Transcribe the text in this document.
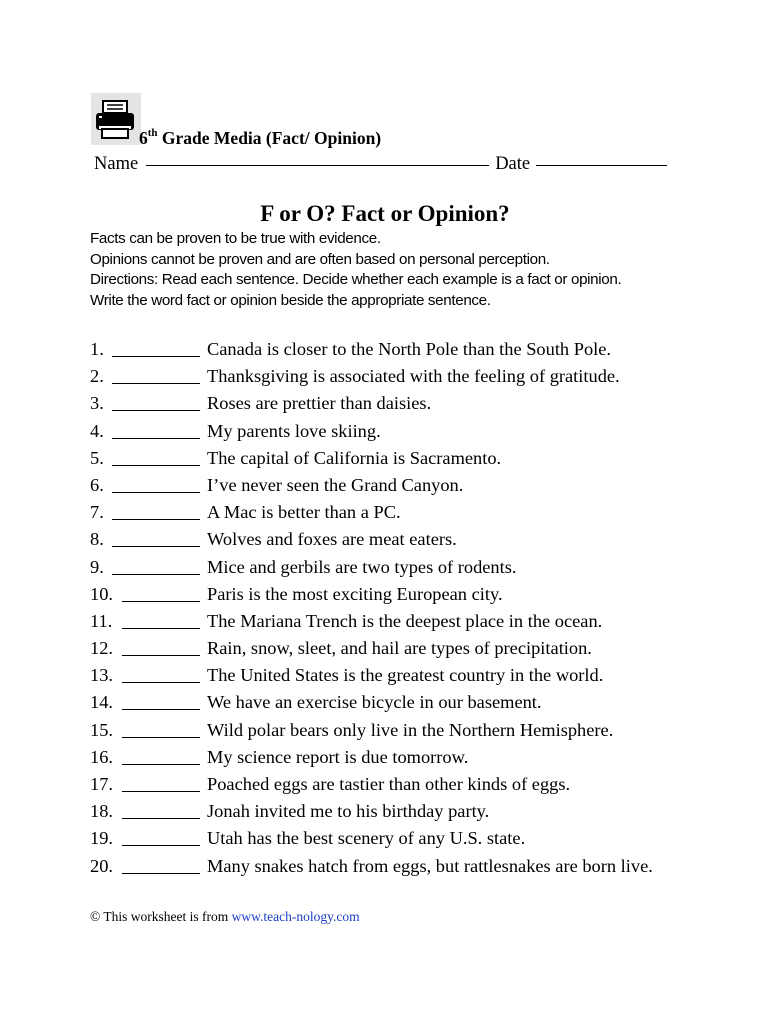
6th Grade Media (Fact/ Opinion)
Name	Date
F or O? Fact or Opinion?
Facts can be proven to be true with evidence.
Opinions cannot be proven and are often based on personal perception.
Directions: Read each sentence. Decide whether each example is a fact or opinion.
Write the word fact or opinion beside the appropriate sentence.
1.	Canada is closer to the North Pole than the South Pole.
2.	Thanksgiving is associated with the feeling of gratitude.
3.	Roses are prettier than daisies.
4.	My parents love skiing.
5.	The capital of California is Sacramento.
6.	I’ve never seen the Grand Canyon.
7.	A Mac is better than a PC.
8.	Wolves and foxes are meat eaters.
9.	Mice and gerbils are two types of rodents.
10.	Paris is the most exciting European city.
11.	The Mariana Trench is the deepest place in the ocean.
12.	Rain, snow, sleet, and hail are types of precipitation.
13.	The United States is the greatest country in the world.
14.	We have an exercise bicycle in our basement.
15.	Wild polar bears only live in the Northern Hemisphere.
16.	My science report is due tomorrow.
17.	Poached eggs are tastier than other kinds of eggs.
18.	Jonah invited me to his birthday party.
19.	Utah has the best scenery of any U.S. state.
20.	Many snakes hatch from eggs, but rattlesnakes are born live.
© This worksheet is from www.teach-nology.com
